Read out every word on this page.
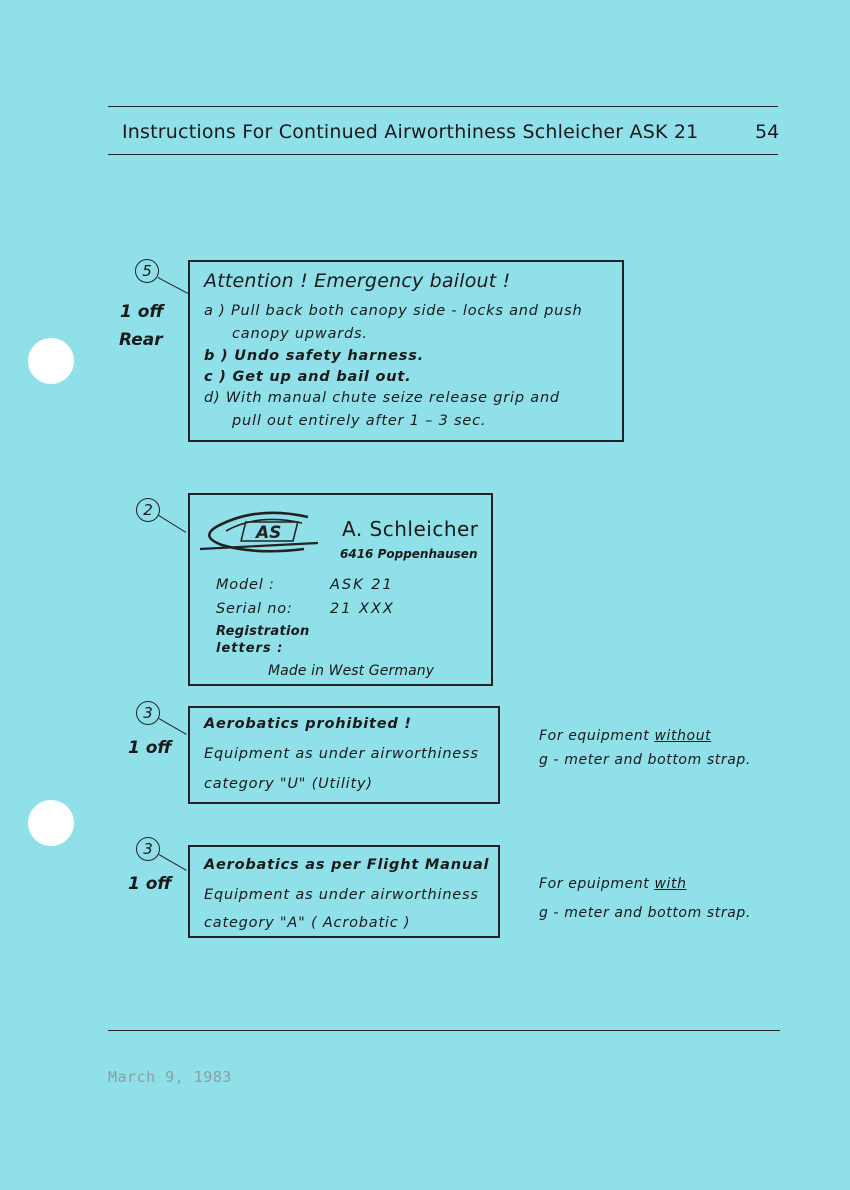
Instructions For Continued Airworthiness Schleicher ASK 21	54
5
1 off
Rear
Attention ! Emergency bailout !
a ) Pull back both canopy side - locks and push
canopy upwards.
b ) Undo safety harness.
c ) Get up and bail out.
d) With manual chute seize release grip and
pull out entirely after 1 – 3 sec.
2
A. Schleicher
6416 Poppenhausen
Model :	ASK 21
Serial no:	21 XXX
Registration
letters :
Made in West Germany
AS
3
1 off
Aerobatics prohibited !
Equipment as under airworthiness
category "U" (Utility)
For equipment without
g - meter and bottom strap.
3
1 off
Aerobatics as per Flight Manual
Equipment as under airworthiness
category "A" ( Acrobatic )
For epuipment with
g - meter and bottom strap.
March 9, 1983
